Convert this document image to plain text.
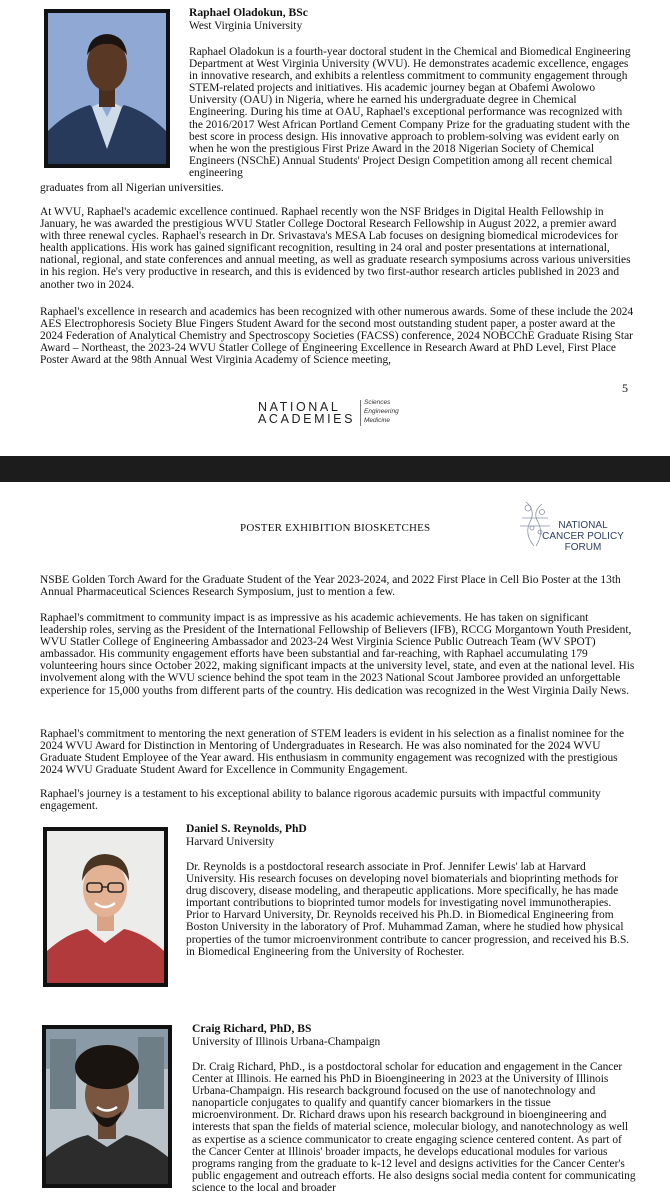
Raphael Oladokun, BSc

West Virginia University

Raphael Oladokun is a fourth-year doctoral student in the Chemical and Biomedical Engineering Department at West Virginia University (WVU). He demonstrates academic excellence, engages in innovative research, and exhibits a relentless commitment to community engagement through STEM-related projects and initiatives. His academic journey began at Obafemi Awolowo University (OAU) in Nigeria, where he earned his undergraduate degree in Chemical Engineering. During his time at OAU, Raphael's exceptional performance was recognized with the 2016/2017 West African Portland Cement Company Prize for the graduating student with the best score in process design. His innovative approach to problem-solving was evident early on when he won the prestigious First Prize Award in the 2018 Nigerian Society of Chemical Engineers (NSChE) Annual Students' Project Design Competition among all recent chemical engineering

graduates from all Nigerian universities.

At WVU, Raphael's academic excellence continued. Raphael recently won the NSF Bridges in Digital Health Fellowship in January, he was awarded the prestigious WVU Statler College Doctoral Research Fellowship in August 2022, a premier award with three renewal cycles. Raphael's research in Dr. Srivastava's MESA Lab focuses on designing biomedical microdevices for health applications. His work has gained significant recognition, resulting in 24 oral and poster presentations at international, national, regional, and state conferences and annual meeting, as well as graduate research symposiums across various universities in his region. He's very productive in research, and this is evidenced by two first-author research articles published in 2023 and another two in 2024.

Raphael's excellence in research and academics has been recognized with other numerous awards. Some of these include the 2024 AES Electrophoresis Society Blue Fingers Student Award for the second most outstanding student paper, a poster award at the 2024 Federation of Analytical Chemistry and Spectroscopy Societies (FACSS) conference, 2024 NOBCChE Graduate Rising Star Award – Northeast, the 2023-24 WVU Statler College of Engineering Excellence in Research Award at PhD Level, First Place Poster Award at the 98th Annual West Virginia Academy of Science meeting,

5
NATIONAL
ACADEMIES
Sciences
Engineering
Medicine
POSTER EXHIBITION BIOSKETCHES	NATIONAL
CANCER POLICY
FORUM

NSBE Golden Torch Award for the Graduate Student of the Year 2023-2024, and 2022 First Place in Cell Bio Poster at the 13th Annual Pharmaceutical Sciences Research Symposium, just to mention a few.

Raphael's commitment to community impact is as impressive as his academic achievements. He has taken on significant leadership roles, serving as the President of the International Fellowship of Believers (IFB), RCCG Morgantown Youth President, WVU Statler College of Engineering Ambassador and 2023-24 West Virginia Science Public Outreach Team (WV SPOT) ambassador. His community engagement efforts have been substantial and far-reaching, with Raphael accumulating 179 volunteering hours since October 2022, making significant impacts at the university level, state, and even at the national level. His involvement along with the WVU science behind the spot team in the 2023 National Scout Jamboree provided an unforgettable experience for 15,000 youths from different parts of the country. His dedication was recognized in the West Virginia Daily News.

Raphael's commitment to mentoring the next generation of STEM leaders is evident in his selection as a finalist nominee for the 2024 WVU Award for Distinction in Mentoring of Undergraduates in Research. He was also nominated for the 2024 WVU Graduate Student Employee of the Year award. His enthusiasm in community engagement was recognized with the prestigious 2024 WVU Graduate Student Award for Excellence in Community Engagement.

Raphael's journey is a testament to his exceptional ability to balance rigorous academic pursuits with impactful community engagement.

Daniel S. Reynolds, PhD

Harvard University

Dr. Reynolds is a postdoctoral research associate in Prof. Jennifer Lewis' lab at Harvard University. His research focuses on developing novel biomaterials and bioprinting methods for drug discovery, disease modeling, and therapeutic applications. More specifically, he has made important contributions to bioprinted tumor models for investigating novel immunotherapies. Prior to Harvard University, Dr. Reynolds received his Ph.D. in Biomedical Engineering from Boston University in the laboratory of Prof. Muhammad Zaman, where he studied how physical properties of the tumor microenvironment contribute to cancer progression, and received his B.S. in Biomedical Engineering from the University of Rochester.

Craig Richard, PhD, BS

University of Illinois Urbana-Champaign

Dr. Craig Richard, PhD., is a postdoctoral scholar for education and engagement in the Cancer Center at Illinois. He earned his PhD in Bioengineering in 2023 at the University of Illinois Urbana-Champaign. His research background focused on the use of nanotechnology and nanoparticle conjugates to qualify and quantify cancer biomarkers in the tissue microenvironment. Dr. Richard draws upon his research background in bioengineering and interests that span the fields of material science, molecular biology, and nanotechnology as well as expertise as a science communicator to create engaging science centered content. As part of the Cancer Center at Illinois' broader impacts, he develops educational modules for various programs ranging from the graduate to k-12 level and designs activities for the Cancer Center's public engagement and outreach efforts. He also designs social media content for communicating science to the local and broader
